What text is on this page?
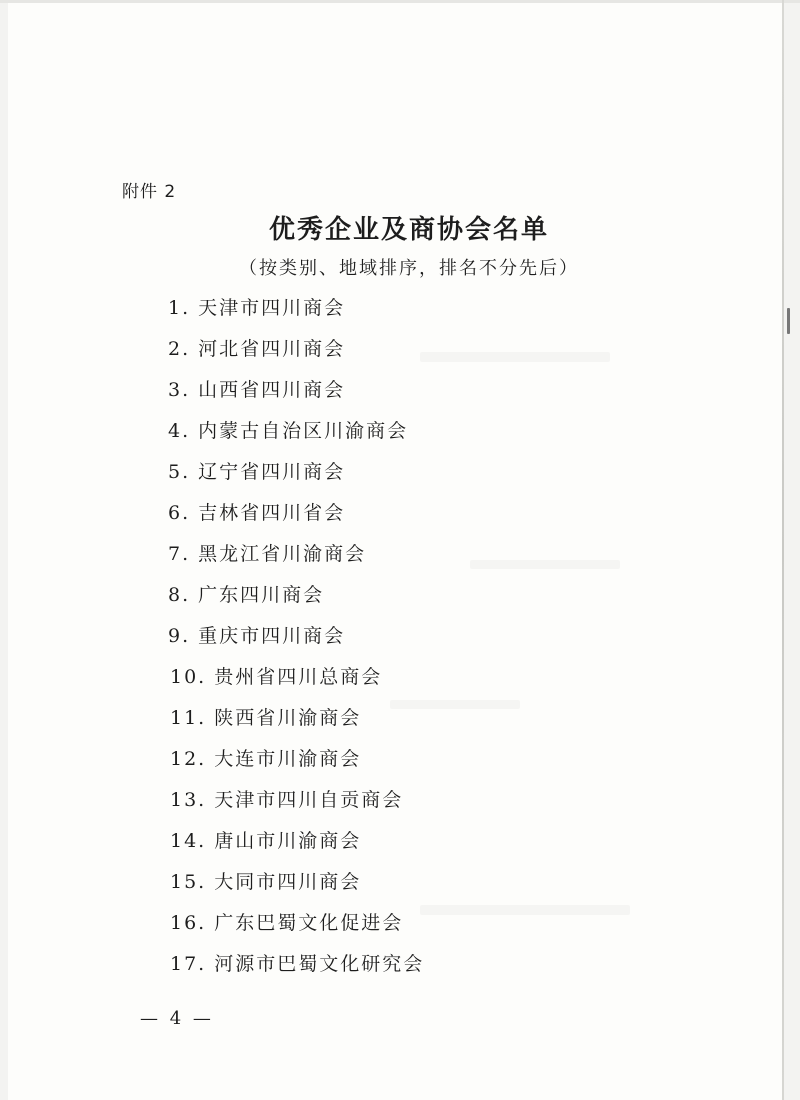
附件 2
优秀企业及商协会名单
（按类别、地域排序，排名不分先后）
1. 天津市四川商会
2. 河北省四川商会
3. 山西省四川商会
4. 内蒙古自治区川渝商会
5. 辽宁省四川商会
6. 吉林省四川省会
7. 黑龙江省川渝商会
8. 广东四川商会
9. 重庆市四川商会
10. 贵州省四川总商会
11. 陕西省川渝商会
12. 大连市川渝商会
13. 天津市四川自贡商会
14. 唐山市川渝商会
15. 大同市四川商会
16. 广东巴蜀文化促进会
17. 河源市巴蜀文化研究会
— 4 —
